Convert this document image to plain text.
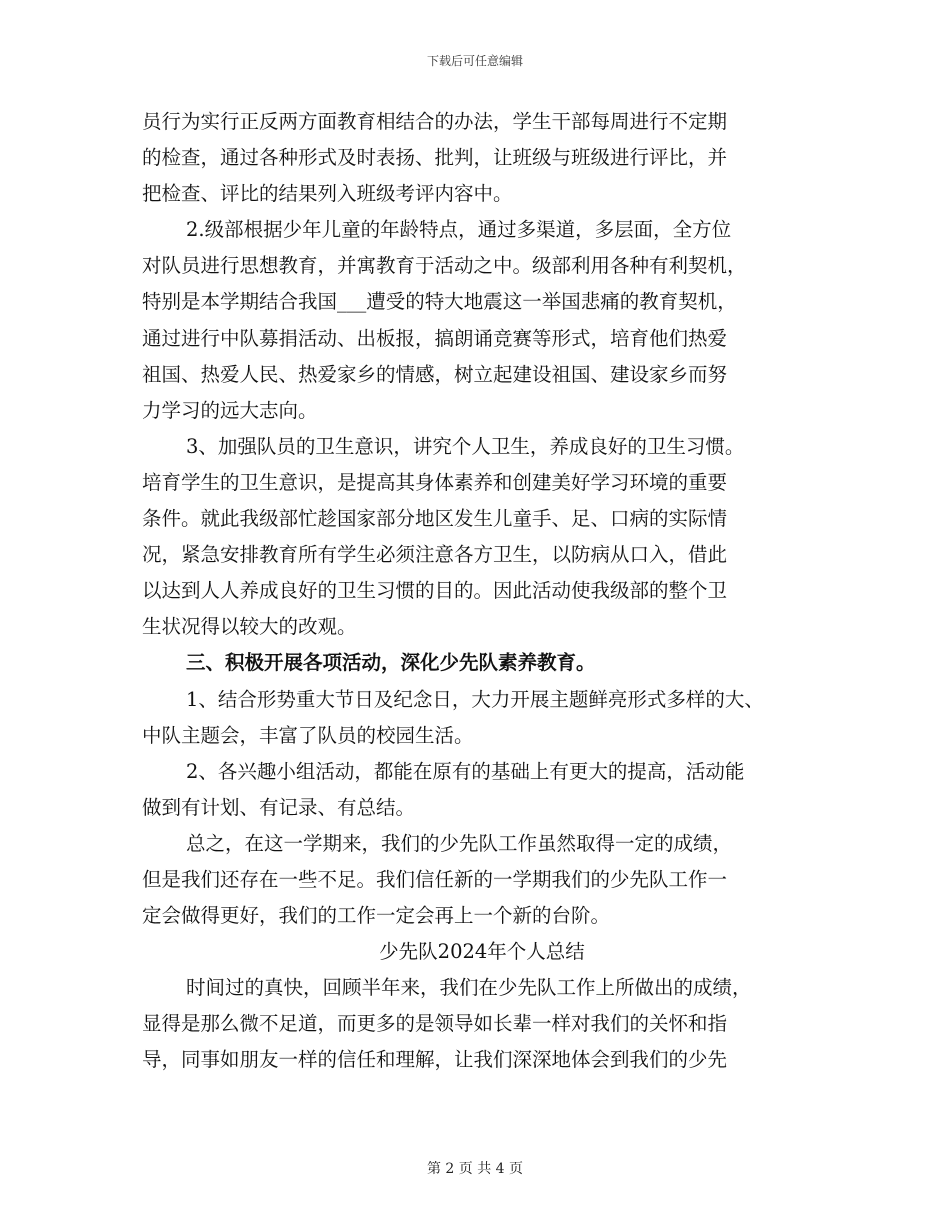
下载后可任意编辑
员行为实行正反两方面教育相结合的办法，学生干部每周进行不定期
的检查，通过各种形式及时表扬、批判，让班级与班级进行评比，并
把检查、评比的结果列入班级考评内容中。
2.级部根据少年儿童的年龄特点，通过多渠道，多层面，全方位
对队员进行思想教育，并寓教育于活动之中。级部利用各种有利契机，
特别是本学期结合我国___遭受的特大地震这一举国悲痛的教育契机，
通过进行中队募捐活动、出板报，搞朗诵竞赛等形式，培育他们热爱
祖国、热爱人民、热爱家乡的情感，树立起建设祖国、建设家乡而努
力学习的远大志向。
3、加强队员的卫生意识，讲究个人卫生，养成良好的卫生习惯。
培育学生的卫生意识，是提高其身体素养和创建美好学习环境的重要
条件。就此我级部忙趁国家部分地区发生儿童手、足、口病的实际情
况，紧急安排教育所有学生必须注意各方卫生，以防病从口入，借此
以达到人人养成良好的卫生习惯的目的。因此活动使我级部的整个卫
生状况得以较大的改观。
三、积极开展各项活动，深化少先队素养教育。
1、结合形势重大节日及纪念日，大力开展主题鲜亮形式多样的大、
中队主题会，丰富了队员的校园生活。
2、各兴趣小组活动，都能在原有的基础上有更大的提高，活动能
做到有计划、有记录、有总结。
总之，在这一学期来，我们的少先队工作虽然取得一定的成绩，
但是我们还存在一些不足。我们信任新的一学期我们的少先队工作一
定会做得更好，我们的工作一定会再上一个新的台阶。
少先队2024年个人总结
时间过的真快，回顾半年来，我们在少先队工作上所做出的成绩，
显得是那么微不足道，而更多的是领导如长辈一样对我们的关怀和指
导，同事如朋友一样的信任和理解，让我们深深地体会到我们的少先
第 2 页 共 4 页
